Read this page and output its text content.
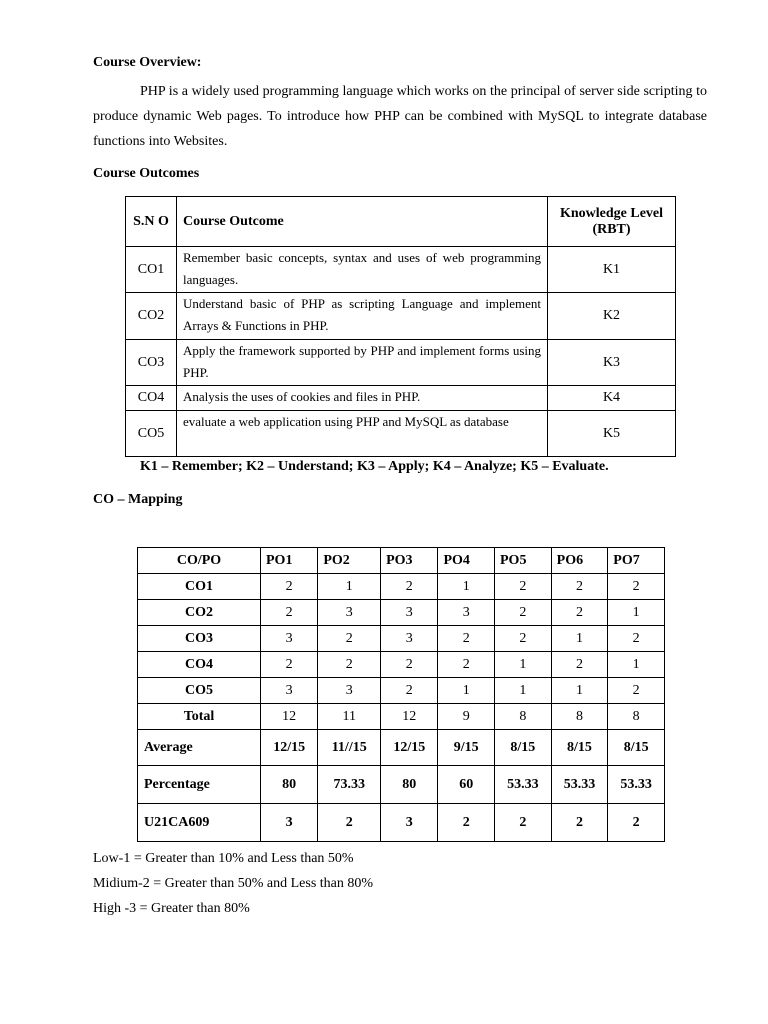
Course Overview:

PHP is a widely used programming language which works on the principal of server side scripting to produce dynamic Web pages. To introduce how PHP can be combined with MySQL to integrate database functions into Websites.

Course Outcomes
S.N O	Course Outcome	Knowledge Level (RBT)
CO1	Remember basic concepts, syntax and uses of web programming languages.	K1
CO2	Understand basic of PHP as scripting Language and implement Arrays & Functions in PHP.	K2
CO3	Apply the framework supported by PHP and implement forms using PHP.	K3
CO4	Analysis the uses of cookies and files in PHP.	K4
CO5	evaluate a web application using PHP and MySQL as database	K5
K1 – Remember; K2 – Understand; K3 – Apply; K4 – Analyze; K5 – Evaluate.
CO – Mapping
CO/PO	PO1	PO2	PO3	PO4	PO5	PO6	PO7
CO1	2	1	2	1	2	2	2
CO2	2	3	3	3	2	2	1
CO3	3	2	3	2	2	1	2
CO4	2	2	2	2	1	2	1
CO5	3	3	2	1	1	1	2
Total	12	11	12	9	8	8	8
Average	12/15	11//15	12/15	9/15	8/15	8/15	8/15
Percentage	80	73.33	80	60	53.33	53.33	53.33
U21CA609	3	2	3	2	2	2	2
Low-1 = Greater than 10% and Less than 50%
Midium-2 = Greater than 50% and Less than 80%
High -3 = Greater than 80%
